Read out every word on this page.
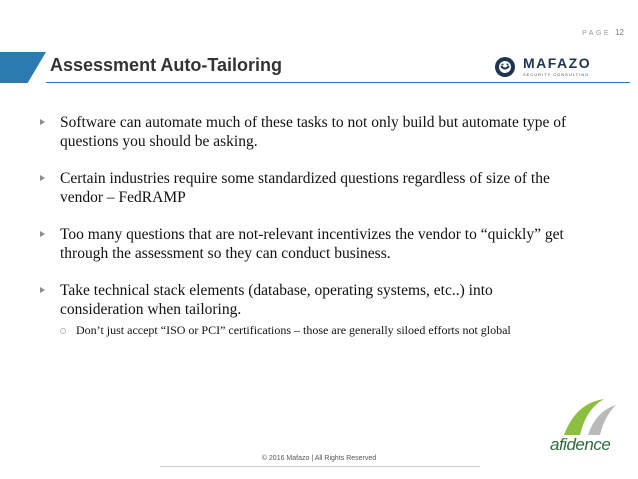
PAGE 12
Assessment Auto-Tailoring	MAFAZO
SECURITY CONSULTING
Software can automate much of these tasks to not only build but automate type of questions you should be asking.
Certain industries require some standardized questions regardless of size of the vendor – FedRAMP
Too many questions that are not-relevant incentivizes the vendor to “quickly” get through the assessment so they can conduct business.
Take technical stack elements (database, operating systems, etc..) into consideration when tailoring.
Don’t just accept “ISO or PCI” certifications – those are generally siloed efforts not global
afidence
© 2016 Mafazo | All Rights Reserved
